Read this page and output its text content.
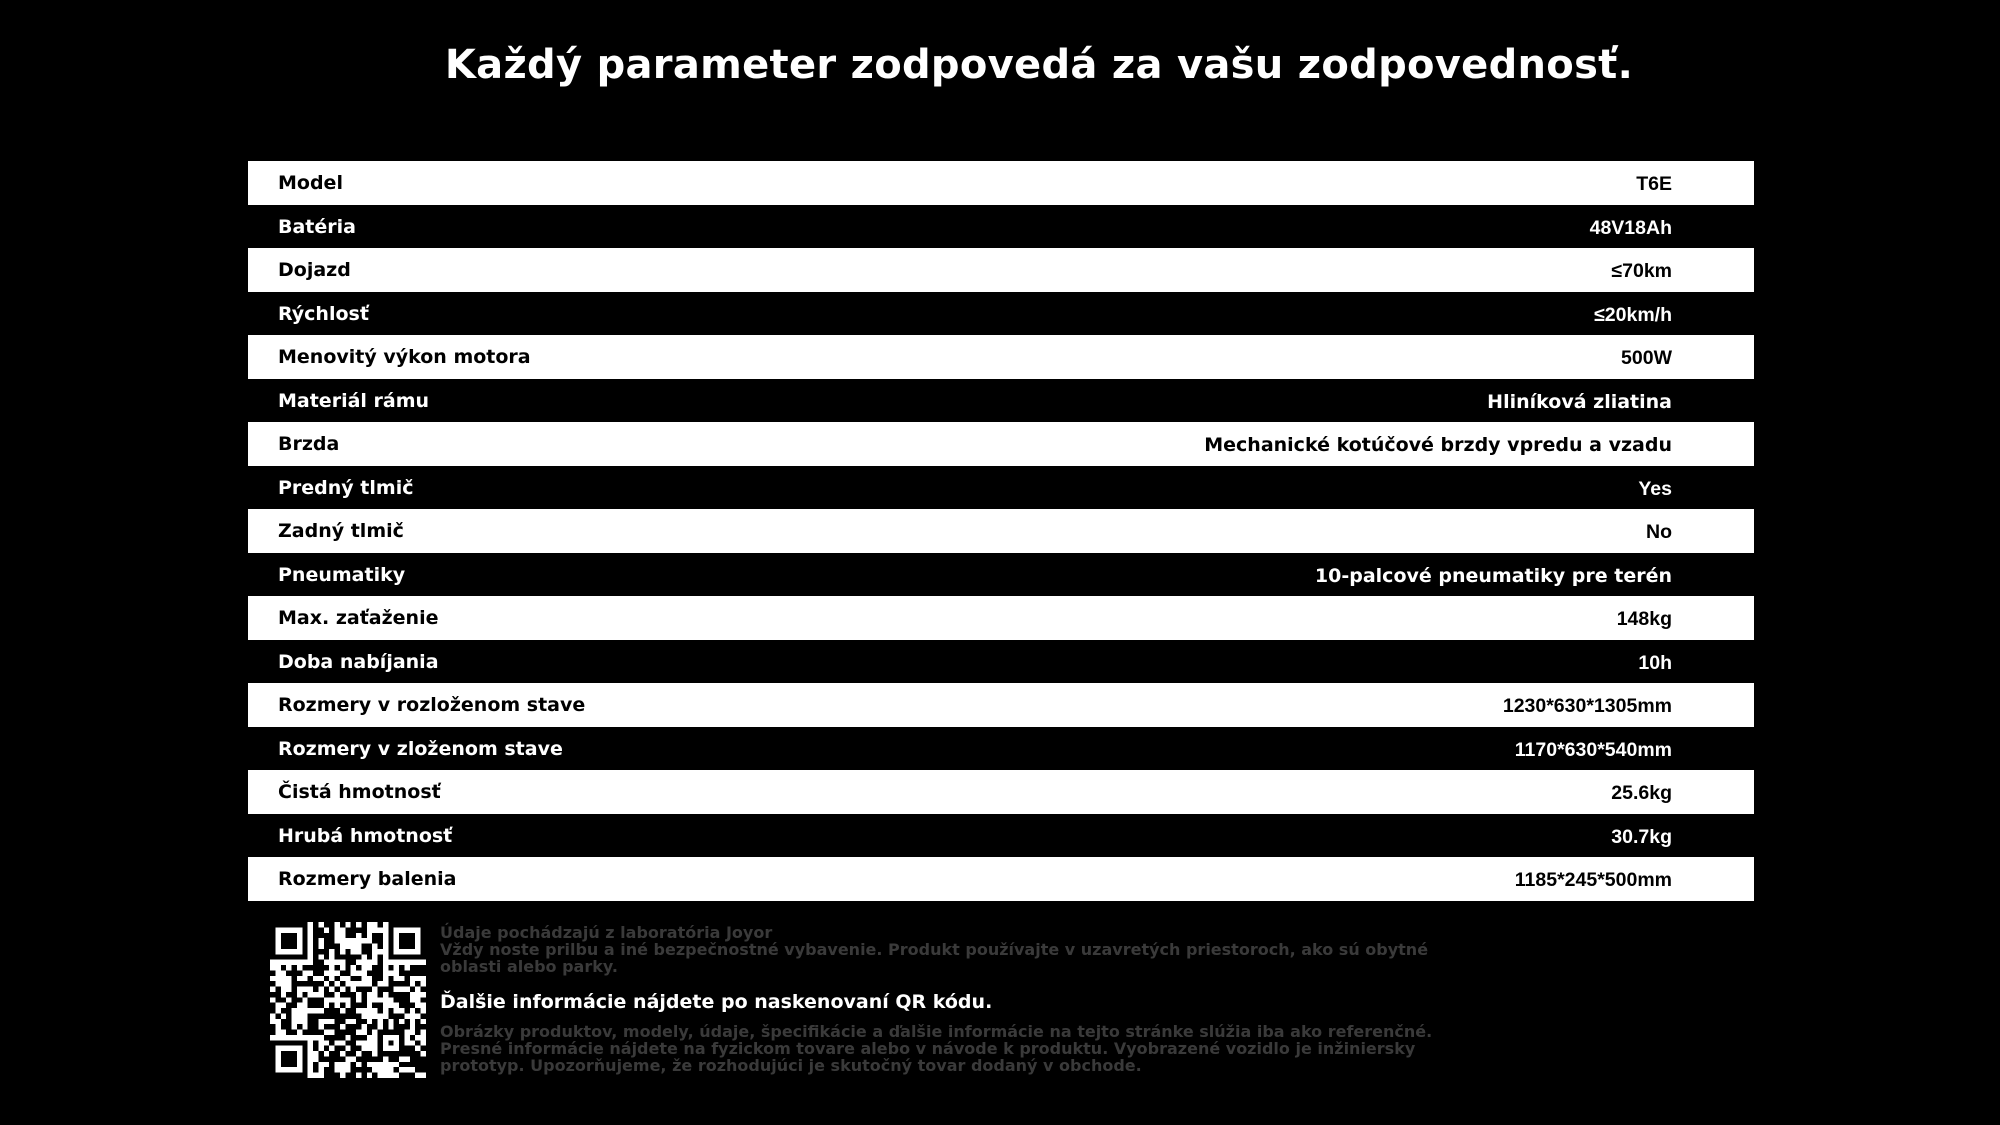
Každý parameter zodpovedá za vašu zodpovednosť.
Model	T6E
Batéria	48V18Ah
Dojazd	≤70km
Rýchlosť	≤20km/h
Menovitý výkon motora	500W
Materiál rámu	Hliníková zliatina
Brzda	Mechanické kotúčové brzdy vpredu a vzadu
Predný tlmič	Yes
Zadný tlmič	No
Pneumatiky	10-palcové pneumatiky pre terén
Max. zaťaženie	148kg
Doba nabíjania	10h
Rozmery v rozloženom stave	1230*630*1305mm
Rozmery v zloženom stave	1170*630*540mm
Čistá hmotnosť	25.6kg
Hrubá hmotnosť	30.7kg
Rozmery balenia	1185*245*500mm

Údaje pochádzajú z laboratória Joyor

Vždy noste prilbu a iné bezpečnostné vybavenie. Produkt používajte v uzavretých priestoroch, ako sú obytné oblasti alebo parky.

Ďalšie informácie nájdete po naskenovaní QR kódu.

Obrázky produktov, modely, údaje, špecifikácie a ďalšie informácie na tejto stránke slúžia iba ako referenčné. Presné informácie nájdete na fyzickom tovare alebo v návode k produktu. Vyobrazené vozidlo je inžiniersky prototyp. Upozorňujeme, že rozhodujúci je skutočný tovar dodaný v obchode.
